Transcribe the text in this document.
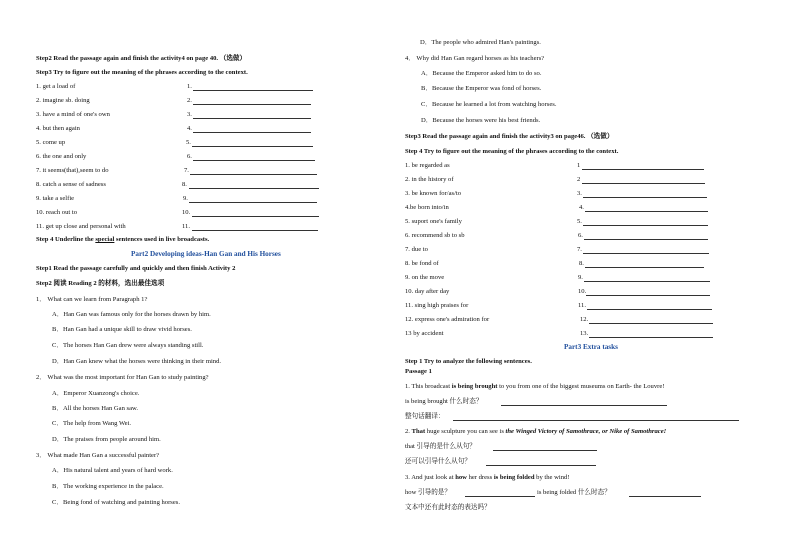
Step2 Read the passage again and finish the activity4 on page 40. （选做）
Step3 Try to figure out the meaning of the phrases according to the context.
1. get a load of	1.
2. imagine sb. doing	2.
3. have a mind of one's own	3.
4. but then again	4.
5. come up	5.
6. the one and only	6.
7. it seems(that),seem to do	7.
8. catch a sense of sadness	8.
9. take a selfie	9.
10. reach out to	10.
11. get up close and personal with	11.
Step 4 Underline the special sentences used in live broadcasts.
Part2 Developing ideas-Han Gan and His Horses
Step1 Read the passage carefully and quickly and then finish Activity 2
Step2 阅读 Reading 2 的材料，选出最佳选项
1． What can we learn from Paragraph 1?
A．Han Gan was famous only for the horses drawn by him.
B．Han Gan had a unique skill to draw vivid horses.
C．The horses Han Gan drew were always standing still.
D．Han Gan knew what the horses were thinking in their mind.
2． What was the most important for Han Gan to study painting?
A．Emperor Xuanzong's choice.
B．All the horses Han Gan saw.
C．The help from Wang Wei.
D．The praises from people around him.
3． What made Han Gan a successful painter?
A．His natural talent and years of hard work.
B．The working experience in the palace.
C．Being fond of watching and painting horses.
D．The people who admired Han's paintings.
4． Why did Han Gan regard horses as his teachers?
A．Because the Emperor asked him to do so.
B．Because the Emperor was fond of horses.
C．Because he learned a lot from watching horses.
D．Because the horses were his best friends.
Step3 Read the passage again and finish the activity3 on page46. （选做）
Step 4 Try to figure out the meaning of the phrases according to the context.
1. be regarded as	1
2. in the history of	2
3. be known for/as/to	3.
4.be born into/in	4.
5. suport one's family	5.
6. recommend sb to sb	6.
7. due to	7.
8. be fond of	8.
9. on the move	9.
10. day after day	10.
11. sing high praises for	11.
12. express one's admiration for	12.
13 by accident	13.
Part3 Extra tasks
Step 1 Try to analyze the following sentences.
Passage 1
1. This broadcast is being brought to you from one of the biggest museums on Earth- the Louvre!
is being brought 什么时态？
整句话翻译：
2. That huge sculpture you can see is the Winged Victory of Samothrace, or Nike of Samothrace!
that 引导的是什么从句？
还可以引导什么从句？
3. And just look at how her dress is being folded by the wind!
how 引导的是？	is being folded 什么时态？
文本中还有此时态的表达吗？
